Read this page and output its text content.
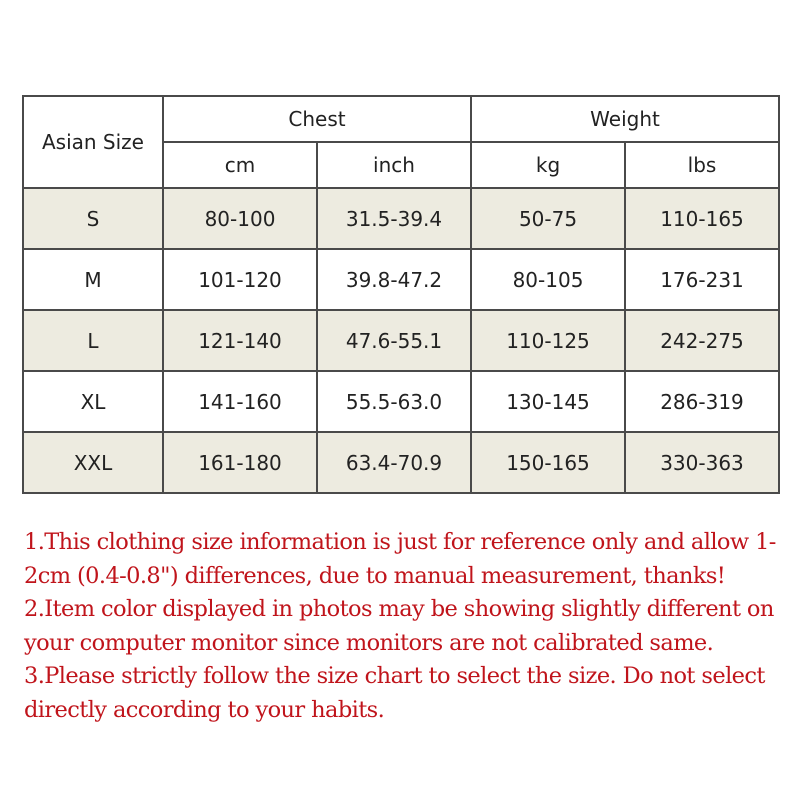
Asian Size	Chest		Weight	
	cm	inch	kg	lbs
S	80-100	31.5-39.4	50-75	110-165
M	101-120	39.8-47.2	80-105	176-231
L	121-140	47.6-55.1	110-125	242-275
XL	141-160	55.5-63.0	130-145	286-319
XXL	161-180	63.4-70.9	150-165	330-363

1.This clothing size information is just for reference only and allow 1-2cm (0.4-0.8") differences, due to manual measurement, thanks!

2.Item color displayed in photos may be showing slightly different on your computer monitor since monitors are not calibrated same.

3.Please strictly follow the size chart to select the size. Do not select directly according to your habits.
